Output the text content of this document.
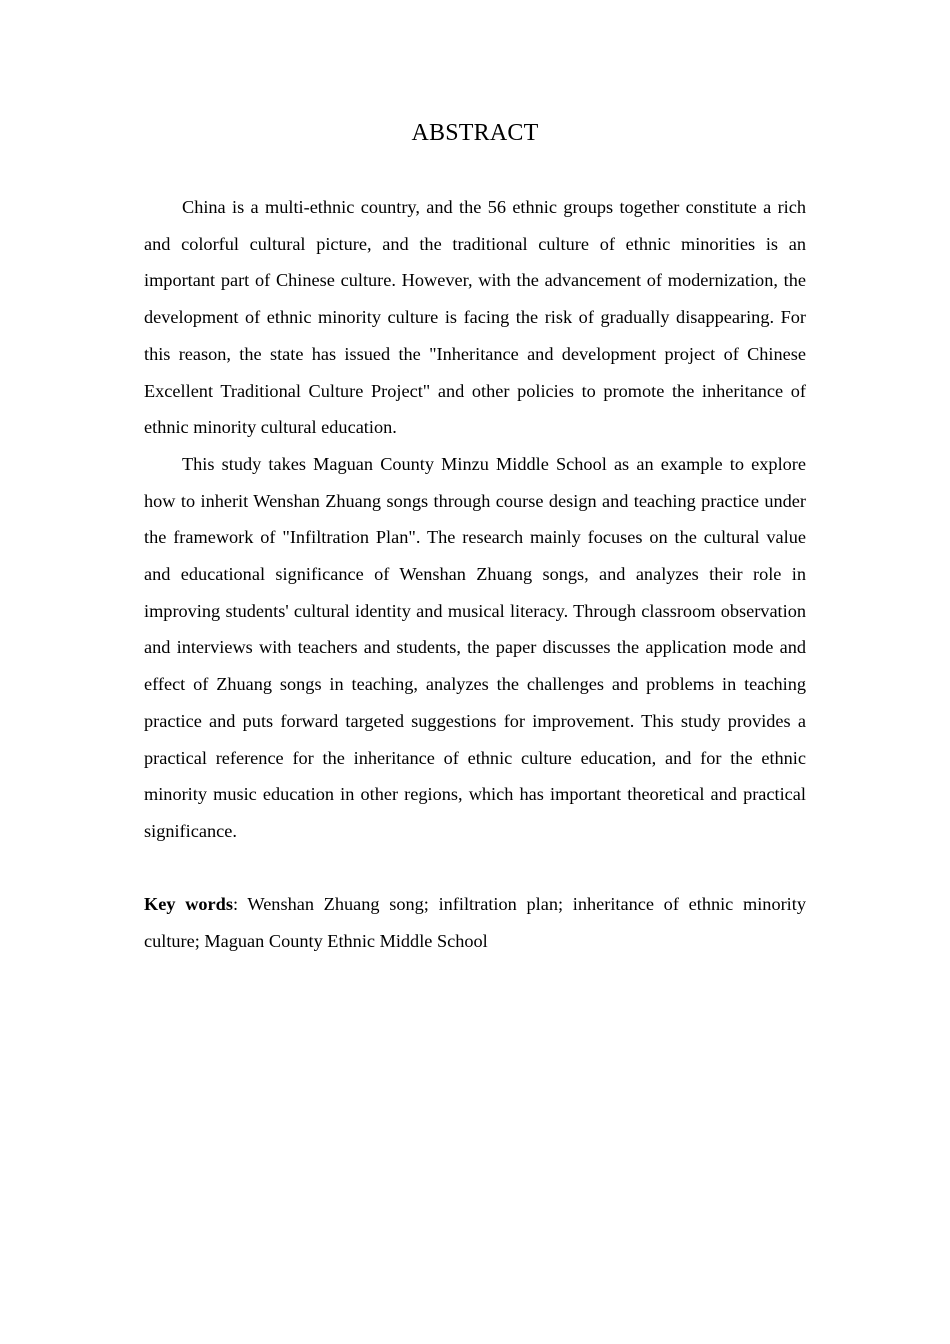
ABSTRACT

China is a multi-ethnic country, and the 56 ethnic groups together constitute a rich and colorful cultural picture, and the traditional culture of ethnic minorities is an important part of Chinese culture. However, with the advancement of modernization, the development of ethnic minority culture is facing the risk of gradually disappearing. For this reason, the state has issued the "Inheritance and development project of Chinese Excellent Traditional Culture Project" and other policies to promote the inheritance of ethnic minority cultural education.

This study takes Maguan County Minzu Middle School as an example to explore how to inherit Wenshan Zhuang songs through course design and teaching practice under the framework of "Infiltration Plan". The research mainly focuses on the cultural value and educational significance of Wenshan Zhuang songs, and analyzes their role in improving students' cultural identity and musical literacy. Through classroom observation and interviews with teachers and students, the paper discusses the application mode and effect of Zhuang songs in teaching, analyzes the challenges and problems in teaching practice and puts forward targeted suggestions for improvement. This study provides a practical reference for the inheritance of ethnic culture education, and for the ethnic minority music education in other regions, which has important theoretical and practical significance.

Key words: Wenshan Zhuang song; infiltration plan; inheritance of ethnic minority culture; Maguan County Ethnic Middle School
